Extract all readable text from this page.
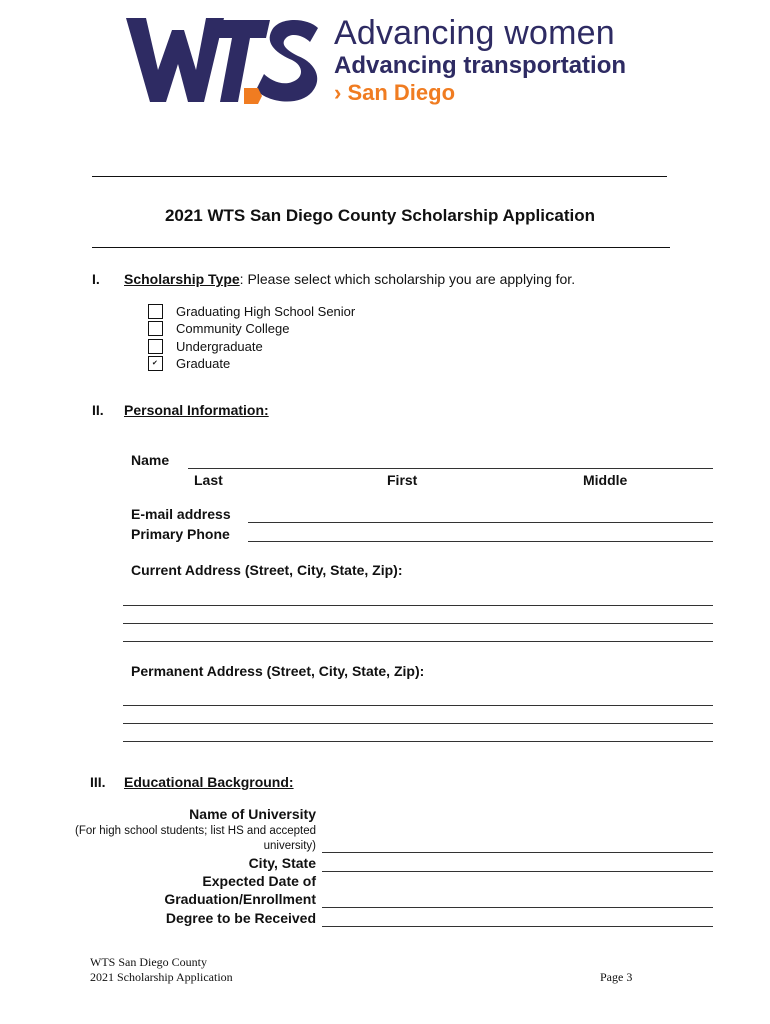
Advancing women
Advancing transportation
› San Diego
2021 WTS San Diego County Scholarship Application
I. Scholarship Type: Please select which scholarship you are applying for.
Graduating High School Senior
Community College
Undergraduate
✔
Graduate
II. Personal Information:
Name
Last	First	Middle
E-mail address
Primary Phone
Current Address (Street, City, State, Zip):
Permanent Address (Street, City, State, Zip):
III. Educational Background:
Name of University
(For high school students; list HS and accepted university)
City, State
Expected Date of
Graduation/Enrollment
Degree to be Received
WTS San Diego County
2021 Scholarship Application	Page 3
